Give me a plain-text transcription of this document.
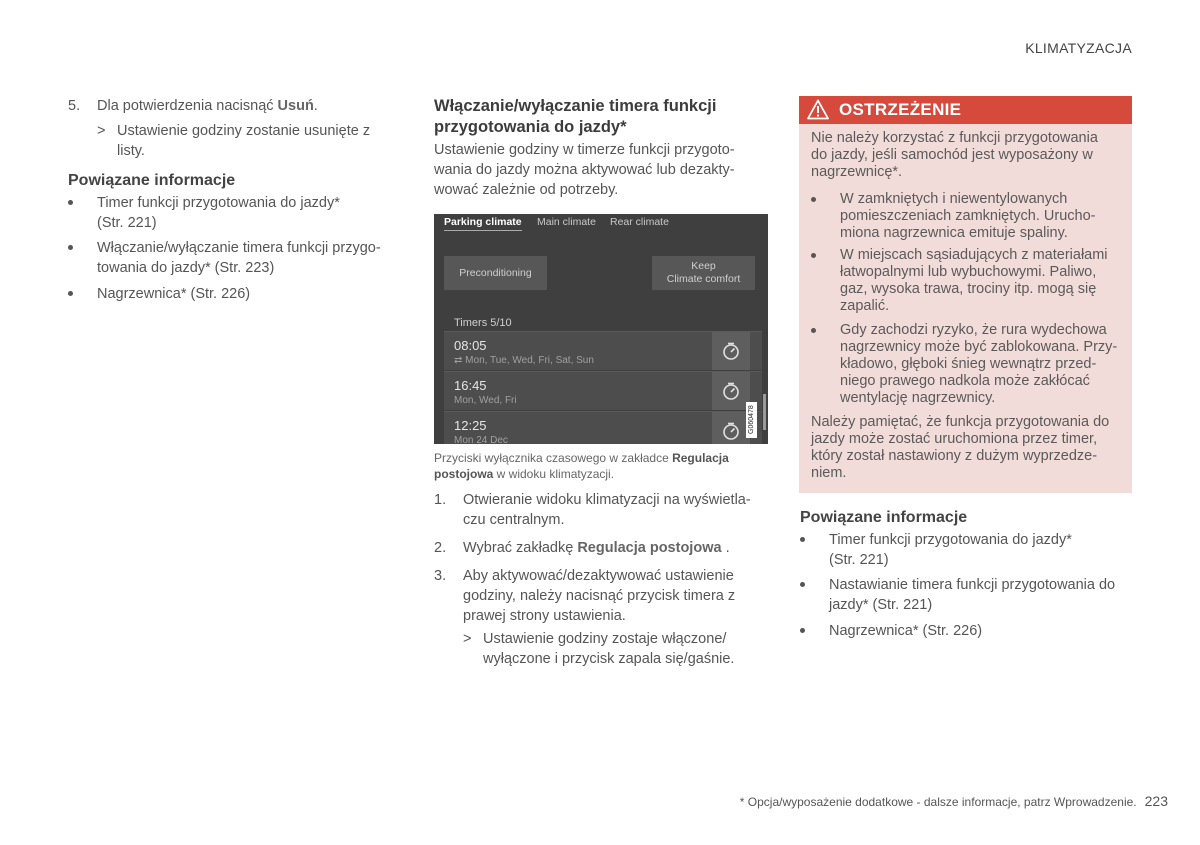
KLIMATYZACJA
5. Dla potwierdzenia nacisnąć Usuń.
> Ustawienie godziny zostanie usunięte z
listy.
Powiązane informacje
Timer funkcji przygotowania do jazdy*
(Str. 221)
Włączanie/wyłączanie timera funkcji przygo-
towania do jazdy* (Str. 223)
Nagrzewnica* (Str. 226)
Włączanie/wyłączanie timera funkcji
przygotowania do jazdy*
Ustawienie godziny w timerze funkcji przygoto-
wania do jazdy można aktywować lub dezakty-
wować zależnie od potrzeby.
Parking climate Main climate Rear climate
Preconditioning
Keep
Climate comfort
Timers 5/10
08:05
⇄ Mon, Tue, Wed, Fri, Sat, Sun
16:45
Mon, Wed, Fri
12:25
Mon 24 Dec
G060478
Przyciski wyłącznika czasowego w zakładce Regulacja
postojowa w widoku klimatyzacji.
1. Otwieranie widoku klimatyzacji na wyświetla-
czu centralnym.
2. Wybrać zakładkę Regulacja postojowa .
3. Aby aktywować/dezaktywować ustawienie
godziny, należy nacisnąć przycisk timera z
prawej strony ustawienia.
> Ustawienie godziny zostaje włączone/
wyłączone i przycisk zapala się/gaśnie.
OSTRZEŻENIE
Nie należy korzystać z funkcji przygotowania
do jazdy, jeśli samochód jest wyposażony w
nagrzewnicę*.
W zamkniętych i niewentylowanych
pomieszczeniach zamkniętych. Urucho-
miona nagrzewnica emituje spaliny.
W miejscach sąsiadujących z materiałami
łatwopalnymi lub wybuchowymi. Paliwo,
gaz, wysoka trawa, trociny itp. mogą się
zapalić.
Gdy zachodzi ryzyko, że rura wydechowa
nagrzewnicy może być zablokowana. Przy-
kładowo, głęboki śnieg wewnątrz przed-
niego prawego nadkola może zakłócać
wentylację nagrzewnicy.
Należy pamiętać, że funkcja przygotowania do
jazdy może zostać uruchomiona przez timer,
który został nastawiony z dużym wyprzedze-
niem.
Powiązane informacje
Timer funkcji przygotowania do jazdy*
(Str. 221)
Nastawianie timera funkcji przygotowania do
jazdy* (Str. 221)
Nagrzewnica* (Str. 226)
* Opcja/wyposażenie dodatkowe - dalsze informacje, patrz Wprowadzenie. 223
